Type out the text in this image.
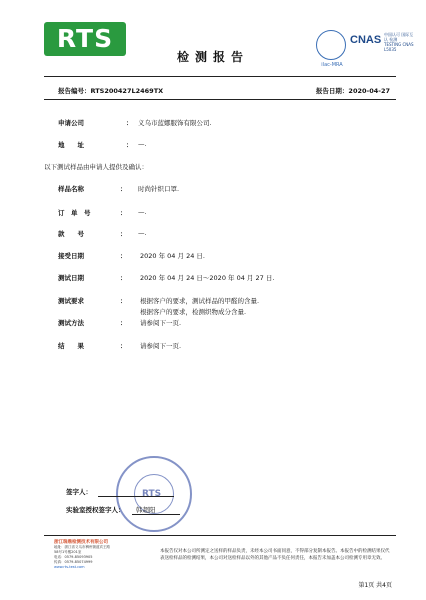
RTS
检测报告
ilac-MRA
CNAS 中国认可 国际互认 检测 TESTING CNAS L5035
报告编号：RTS200427L2469TX	报告日期：2020-04-27
申请公司	： 义乌市蓝娜服饰有限公司.
地　　址	： —.
以下测试样品由申请人提供及确认：
样品名称	： 时尚针织口罩.
订　单　号	： —.
款　　号	： —.
接受日期	： 2020 年 04 月 24 日.
测试日期	： 2020 年 04 月 24 日～2020 年 04 月 27 日.
测试要求	： 根据客户的要求，测试样品的甲醛的含量.
根据客户的要求，检测织物成分含量.
测试方法	： 请参阅下一页.
结　　果	： 请参阅下一页.
RTS
签字人：
实验室授权签字人： 韩超阳
浙江瑞鼎检测技术有限公司
地址：浙江省义乌市稠州街道宾王路
58号1号楼201室
电话：0579-85093905
传真：0579-85074999
www.rts-test.com
本报告仅对本公司所测定之送样的样品负责，未经本公司书面同意，不得部分复制本报告。本报告中的检测结果仅代表送检样品的检测结果，本公司对送检样品以外的其他产品不负任何责任，本报告未加盖本公司检测专用章无效。
第1页 共4页
